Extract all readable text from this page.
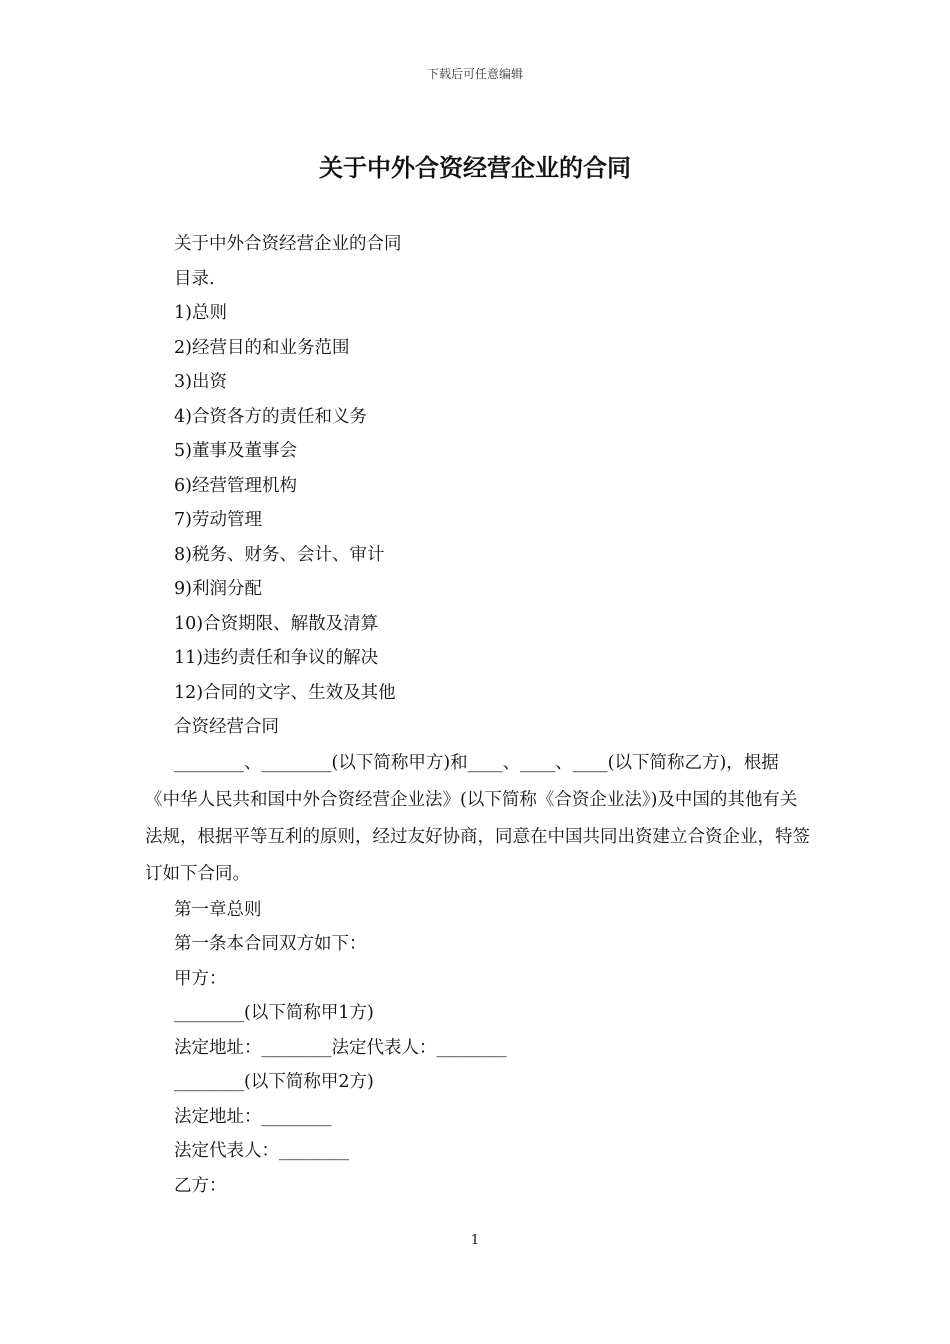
下载后可任意编辑
关于中外合资经营企业的合同
关于中外合资经营企业的合同
目录.
1)总则
2)经营目的和业务范围
3)出资
4)合资各方的责任和义务
5)董事及董事会
6)经营管理机构
7)劳动管理
8)税务、财务、会计、审计
9)利润分配
10)合资期限、解散及清算
11)违约责任和争议的解决
12)合同的文字、生效及其他
合资经营合同

________、________(以下简称甲方)和____、____、____(以下简称乙方)，根据《中华人民共和国中外合资经营企业法》(以下简称《合资企业法》)及中国的其他有关法规，根据平等互利的原则，经过友好协商，同意在中国共同出资建立合资企业，特签订如下合同。

第一章总则
第一条本合同双方如下：
甲方：
________(以下简称甲1方)
法定地址：________法定代表人：________
________(以下简称甲2方)
法定地址：________
法定代表人：________
乙方：
1
